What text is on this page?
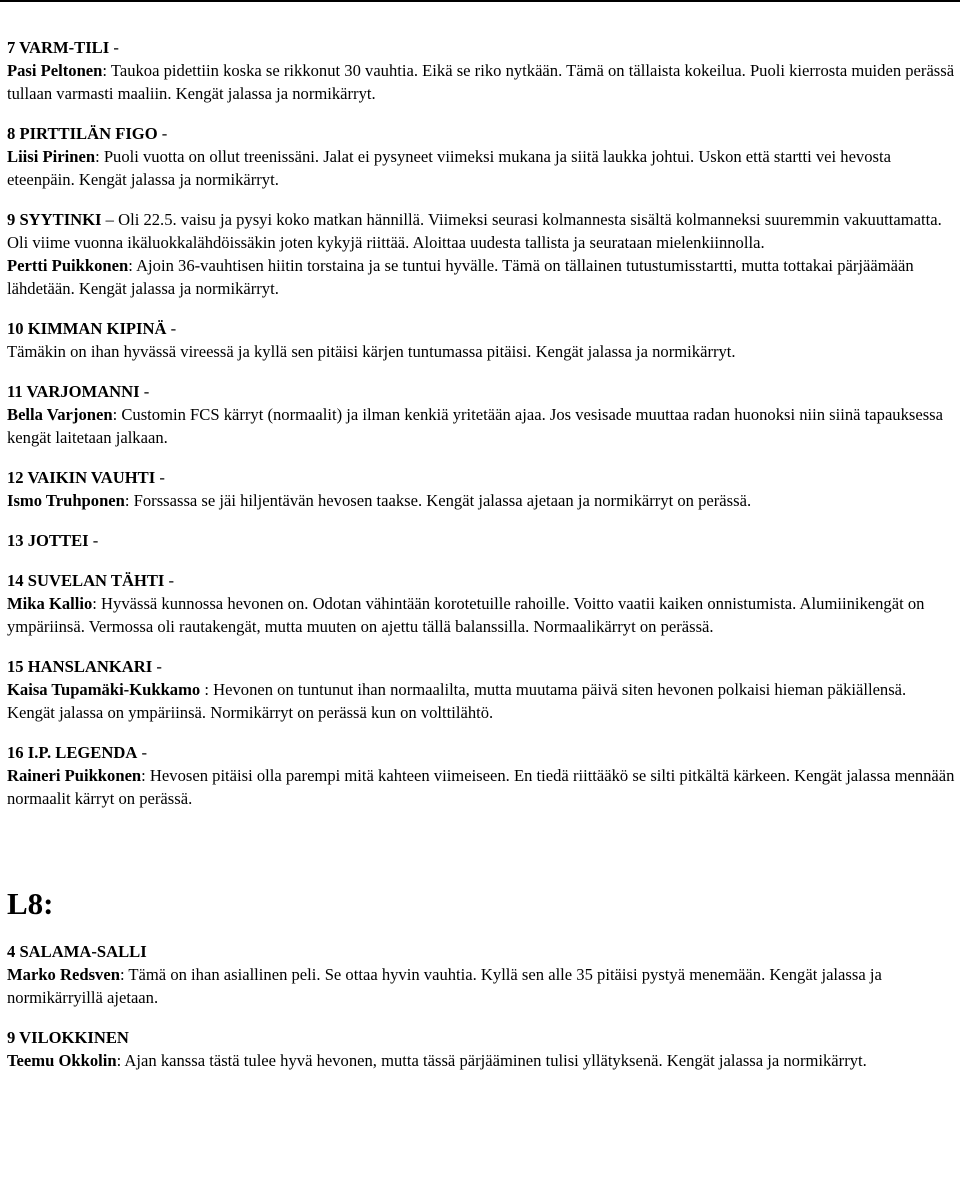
7 VARM-TILI -

Pasi Peltonen: Taukoa pidettiin koska se rikkonut 30 vauhtia. Eikä se riko nytkään. Tämä on tällaista kokeilua. Puoli kierrosta muiden perässä tullaan varmasti maaliin. Kengät jalassa ja normikärryt.

8 PIRTTILÄN FIGO -

Liisi Pirinen: Puoli vuotta on ollut treenissäni. Jalat ei pysyneet viimeksi mukana ja siitä laukka johtui. Uskon että startti vei hevosta eteenpäin. Kengät jalassa ja normikärryt.

9 SYYTINKI – Oli 22.5. vaisu ja pysyi koko matkan hännillä. Viimeksi seurasi kolmannesta sisältä kolmanneksi suuremmin vakuuttamatta. Oli viime vuonna ikäluokkalähdöissäkin joten kykyjä riittää. Aloittaa uudesta tallista ja seurataan mielenkiinnolla.

Pertti Puikkonen: Ajoin 36-vauhtisen hiitin torstaina ja se tuntui hyvälle. Tämä on tällainen tutustumisstartti, mutta tottakai pärjäämään lähdetään. Kengät jalassa ja normikärryt.

10 KIMMAN KIPINÄ -

Tämäkin on ihan hyvässä vireessä ja kyllä sen pitäisi kärjen tuntumassa pitäisi. Kengät jalassa ja normikärryt.

11 VARJOMANNI -

Bella Varjonen: Customin FCS kärryt (normaalit) ja ilman kenkiä yritetään ajaa. Jos vesisade muuttaa radan huonoksi niin siinä tapauksessa kengät laitetaan jalkaan.

12 VAIKIN VAUHTI -

Ismo Truhponen: Forssassa se jäi hiljentävän hevosen taakse. Kengät jalassa ajetaan ja normikärryt on perässä.

13 JOTTEI -
14 SUVELAN TÄHTI -

Mika Kallio: Hyvässä kunnossa hevonen on. Odotan vähintään korotetuille rahoille. Voitto vaatii kaiken onnistumista. Alumiinikengät on ympäriinsä. Vermossa oli rautakengät, mutta muuten on ajettu tällä balanssilla. Normaalikärryt on perässä.

15 HANSLANKARI -

Kaisa Tupamäki-Kukkamo : Hevonen on tuntunut ihan normaalilta, mutta muutama päivä siten hevonen polkaisi hieman päkiällensä. Kengät jalassa on ympäriinsä. Normikärryt on perässä kun on volttilähtö.

16 I.P. LEGENDA -

Raineri Puikkonen: Hevosen pitäisi olla parempi mitä kahteen viimeiseen. En tiedä riittääkö se silti pitkältä kärkeen. Kengät jalassa mennään normaalit kärryt on perässä.

L8:
4 SALAMA-SALLI

Marko Redsven: Tämä on ihan asiallinen peli. Se ottaa hyvin vauhtia. Kyllä sen alle 35 pitäisi pystyä menemään. Kengät jalassa ja normikärryillä ajetaan.

9 VILOKKINEN

Teemu Okkolin: Ajan kanssa tästä tulee hyvä hevonen, mutta tässä pärjääminen tulisi yllätyksenä. Kengät jalassa ja normikärryt.
